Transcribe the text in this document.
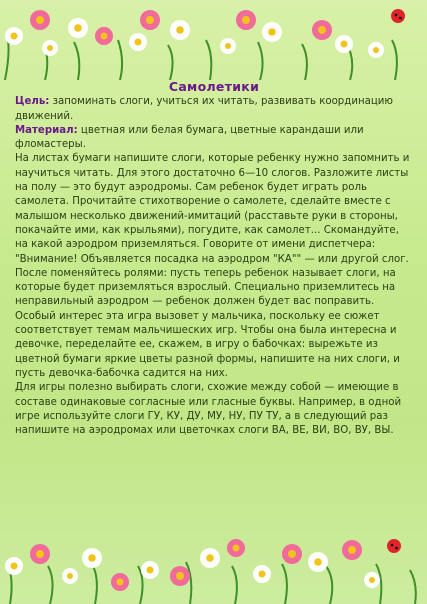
Самолетики

Цель: запоминать слоги, учиться их читать, развивать координацию движений.

Материал: цветная или белая бумага, цветные карандаши или фломастеры.

На листах бумаги напишите слоги, которые ребенку нужно запомнить и научиться читать. Для этого достаточно 6—10 слогов. Разложите листы на полу — это будут аэродромы. Сам ребенок будет играть роль самолета. Прочитайте стихотворение о самолете, сделайте вместе с малышом несколько движений-имитаций (расставьте руки в стороны, покачайте ими, как крыльями), погудите, как самолет... Скомандуйте, на какой аэродром приземляться. Говорите от имени диспетчера: "Внимание! Объявляется посадка на аэродром "КА"" — или другой слог.

После поменяйтесь ролями: пусть теперь ребенок называет слоги, на которые будет приземляться взрослый. Специально приземлитесь на неправильный аэродром — ребенок должен будет вас поправить.

Особый интерес эта игра вызовет у мальчика, поскольку ее сюжет соответствует темам мальчишеских игр. Чтобы она была интересна и девочке, переделайте ее, скажем, в игру о бабочках: вырежьте из цветной бумаги яркие цветы разной формы, напишите на них слоги, и пусть девочка-бабочка садится на них.

Для игры полезно выбирать слоги, схожие между собой — имеющие в составе одинаковые согласные или гласные буквы. Например, в одной игре используйте слоги ГУ, КУ, ДУ, МУ, НУ, ПУ ТУ, а в следующий раз напишите на аэродромах или цветочках слоги ВА, ВЕ, ВИ, ВО, ВУ, ВЫ.
